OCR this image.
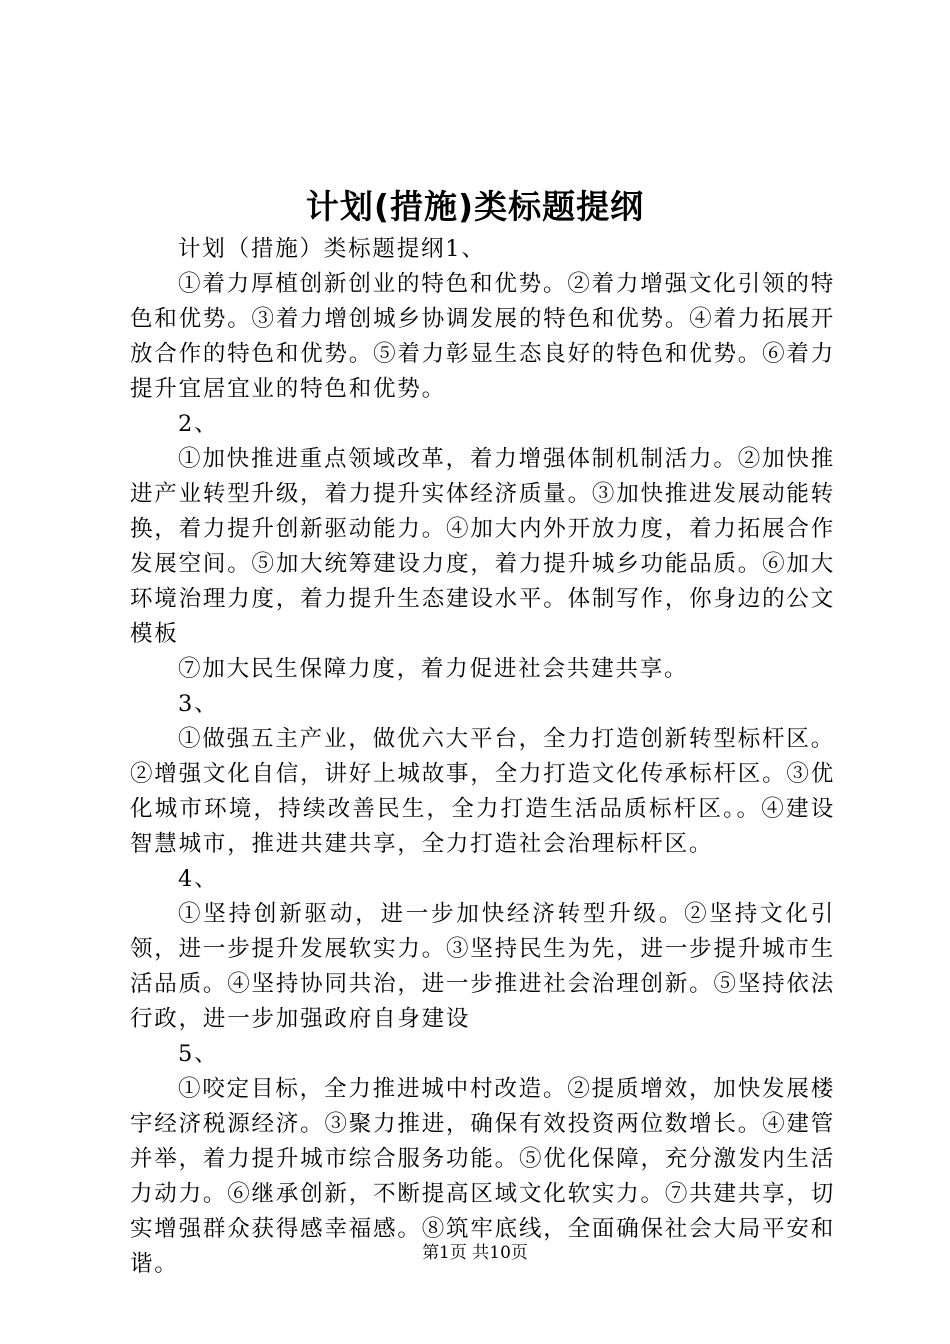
计划(措施)类标题提纲

计划（措施）类标题提纲1、

①着力厚植创新创业的特色和优势。②着力增强文化引领的特色和优势。③着力增创城乡协调发展的特色和优势。④着力拓展开放合作的特色和优势。⑤着力彰显生态良好的特色和优势。⑥着力提升宜居宜业的特色和优势。

2、

①加快推进重点领域改革，着力增强体制机制活力。②加快推进产业转型升级，着力提升实体经济质量。③加快推进发展动能转换，着力提升创新驱动能力。④加大内外开放力度，着力拓展合作发展空间。⑤加大统筹建设力度，着力提升城乡功能品质。⑥加大环境治理力度，着力提升生态建设水平。体制写作，你身边的公文模板

⑦加大民生保障力度，着力促进社会共建共享。

3、

①做强五主产业，做优六大平台，全力打造创新转型标杆区。②增强文化自信，讲好上城故事，全力打造文化传承标杆区。③优化城市环境，持续改善民生，全力打造生活品质标杆区。。④建设智慧城市，推进共建共享，全力打造社会治理标杆区。

4、

①坚持创新驱动，进一步加快经济转型升级。②坚持文化引领，进一步提升发展软实力。③坚持民生为先，进一步提升城市生活品质。④坚持协同共治，进一步推进社会治理创新。⑤坚持依法行政，进一步加强政府自身建设

5、

①咬定目标，全力推进城中村改造。②提质增效，加快发展楼宇经济税源经济。③聚力推进，确保有效投资两位数增长。④建管并举，着力提升城市综合服务功能。⑤优化保障，充分激发内生活力动力。⑥继承创新，不断提高区域文化软实力。⑦共建共享，切实增强群众获得感幸福感。⑧筑牢底线，全面确保社会大局平安和谐。	第1页 共10页
